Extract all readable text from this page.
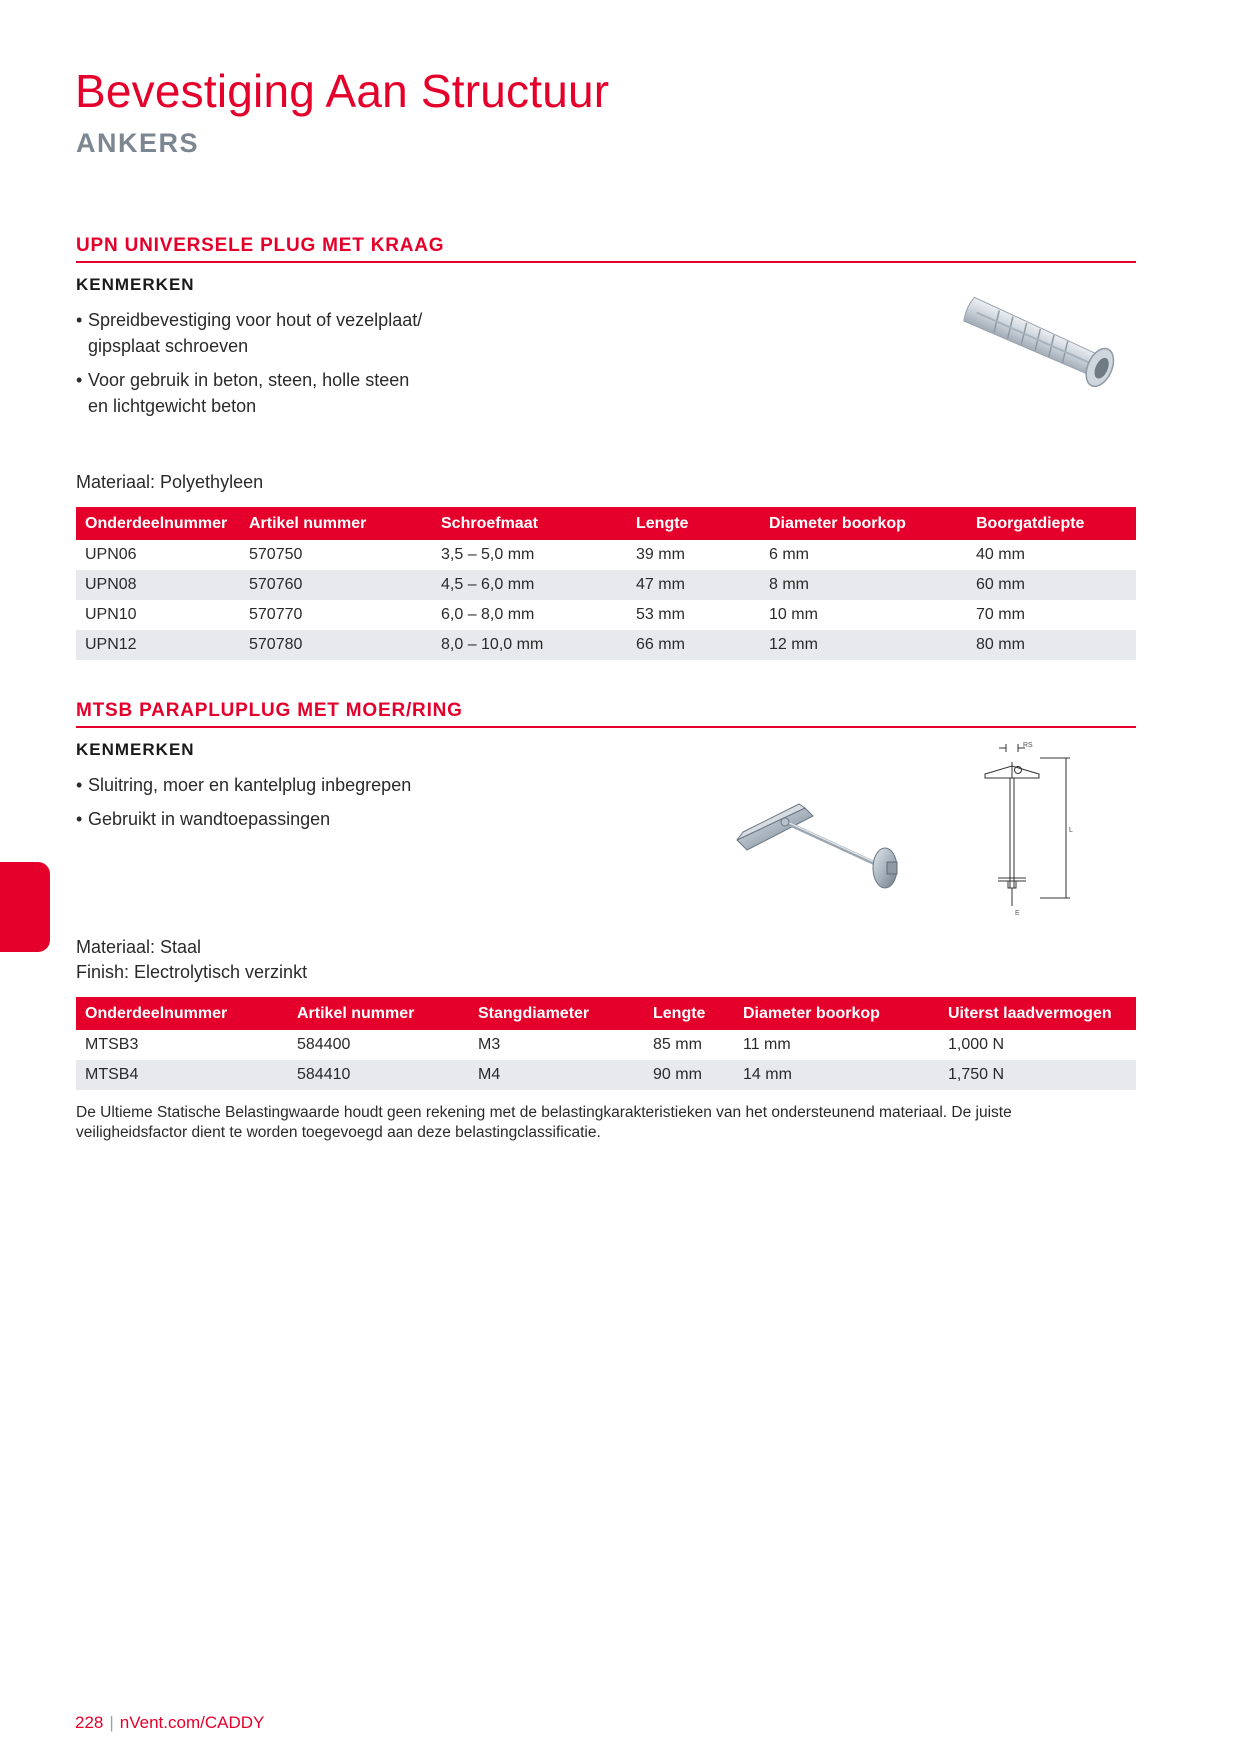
Bevestiging Aan Structuur
ANKERS
UPN UNIVERSELE PLUG MET KRAAG
KENMERKEN
• Spreidbevestiging voor hout of vezelplaat/
gipsplaat schroeven
• Voor gebruik in beton, steen, holle steen
en lichtgewicht beton
Materiaal: Polyethyleen
Onderdeelnummer	Artikel nummer	Schroefmaat	Lengte	Diameter boorkop	Boorgatdiepte
UPN06	570750	3,5 – 5,0 mm	39 mm	6 mm	40 mm
UPN08	570760	4,5 – 6,0 mm	47 mm	8 mm	60 mm
UPN10	570770	6,0 – 8,0 mm	53 mm	10 mm	70 mm
UPN12	570780	8,0 – 10,0 mm	66 mm	12 mm	80 mm
MTSB PARAPLUPLUG MET MOER/RING
KENMERKEN
• Sluitring, moer en kantelplug inbegrepen
• Gebruikt in wandtoepassingen
RS
L
E
Materiaal: Staal
Finish: Electrolytisch verzinkt
Onderdeelnummer	Artikel nummer	Stangdiameter	Lengte	Diameter boorkop	Uiterst laadvermogen
MTSB3	584400	M3	85 mm	11 mm	1,000 N
MTSB4	584410	M4	90 mm	14 mm	1,750 N
De Ultieme Statische Belastingwaarde houdt geen rekening met de belastingkarakteristieken van het ondersteunend materiaal. De juiste veiligheidsfactor dient te worden toegevoegd aan deze belastingclassificatie.
228 | nVent.com/CADDY
